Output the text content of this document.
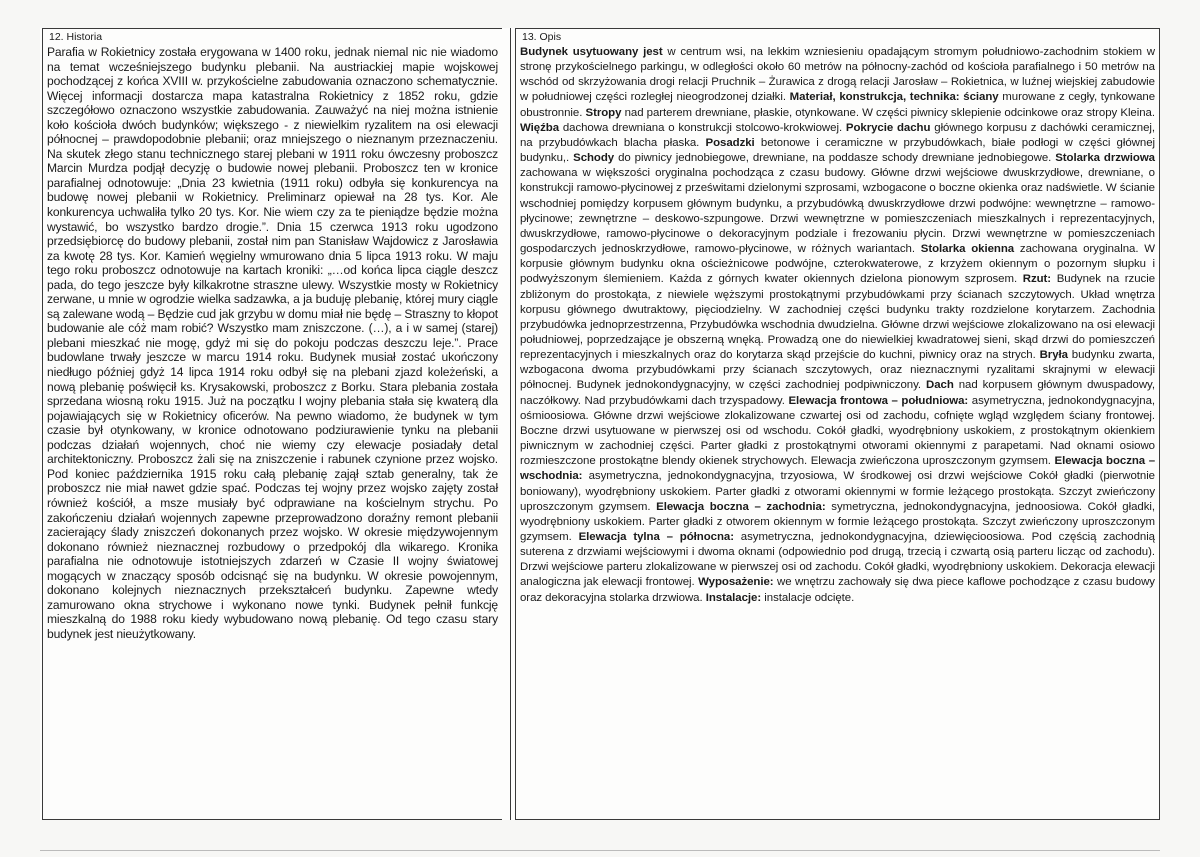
12. Historia

Parafia w Rokietnicy została erygowana w 1400 roku, jednak niemal nic nie wiadomo na temat wcześniejszego budynku plebanii. Na austriackiej mapie wojskowej pochodzącej z końca XVIII w. przykościelne zabudowania oznaczono schematycznie. Więcej informacji dostarcza mapa katastralna Rokietnicy z 1852 roku, gdzie szczegółowo oznaczono wszystkie zabudowania. Zauważyć na niej można istnienie koło kościoła dwóch budynków; większego - z niewielkim ryzalitem na osi elewacji północnej – prawdopodobnie plebanii; oraz mniejszego o nieznanym przeznaczeniu. Na skutek złego stanu technicznego starej plebani w 1911 roku ówczesny proboszcz Marcin Murdza podjął decyzję o budowie nowej plebanii. Proboszcz ten w kronice parafialnej odnotowuje: „Dnia 23 kwietnia (1911 roku) odbyła się konkurencya na budowę nowej plebanii w Rokietnicy. Preliminarz opiewał na 28 tys. Kor. Ale konkurencya uchwaliła tylko 20 tys. Kor. Nie wiem czy za te pieniądze będzie można wystawić, bo wszystko bardzo drogie.”. Dnia 15 czerwca 1913 roku ugodzono przedsiębiorcę do budowy plebanii, został nim pan Stanisław Wajdowicz z Jarosławia za kwotę 28 tys. Kor. Kamień węgielny wmurowano dnia 5 lipca 1913 roku. W maju tego roku proboszcz odnotowuje na kartach kroniki: „…od końca lipca ciągle deszcz pada, do tego jeszcze były kilkakrotne straszne ulewy. Wszystkie mosty w Rokietnicy zerwane, u mnie w ogrodzie wielka sadzawka, a ja buduję plebanię, której mury ciągle są zalewane wodą – Będzie cud jak grzybu w domu miał nie będę – Straszny to kłopot budowanie ale cóż mam robić? Wszystko mam zniszczone. (…), a i w samej (starej) plebani mieszkać nie mogę, gdyż mi się do pokoju podczas deszczu leje.”. Prace budowlane trwały jeszcze w marcu 1914 roku. Budynek musiał zostać ukończony niedługo później gdyż 14 lipca 1914 roku odbył się na plebani zjazd koleżeński, a nową plebanię poświęcił ks. Krysakowski, proboszcz z Borku. Stara plebania została sprzedana wiosną roku 1915. Już na początku I wojny plebania stała się kwaterą dla pojawiających się w Rokietnicy oficerów. Na pewno wiadomo, że budynek w tym czasie był otynkowany, w kronice odnotowano podziurawienie tynku na plebanii podczas działań wojennych, choć nie wiemy czy elewacje posiadały detal architektoniczny. Proboszcz żali się na zniszczenie i rabunek czynione przez wojsko. Pod koniec października 1915 roku całą plebanię zajął sztab generalny, tak że proboszcz nie miał nawet gdzie spać. Podczas tej wojny przez wojsko zajęty został również kościół, a msze musiały być odprawiane na kościelnym strychu. Po zakończeniu działań wojennych zapewne przeprowadzono doraźny remont plebanii zacierający ślady zniszczeń dokonanych przez wojsko. W okresie międzywojennym dokonano również nieznacznej rozbudowy o przedpokój dla wikarego. Kronika parafialna nie odnotowuje istotniejszych zdarzeń w Czasie II wojny światowej mogących w znaczący sposób odcisnąć się na budynku. W okresie powojennym, dokonano kolejnych nieznacznych przekształceń budynku. Zapewne wtedy zamurowano okna strychowe i wykonano nowe tynki. Budynek pełnił funkcję mieszkalną do 1988 roku kiedy wybudowano nową plebanię. Od tego czasu stary budynek jest nieużytkowany.

13. Opis

Budynek usytuowany jest w centrum wsi, na lekkim wzniesieniu opadającym stromym południowo-zachodnim stokiem w stronę przykościelnego parkingu, w odległości około 60 metrów na północny-zachód od kościoła parafialnego i 50 metrów na wschód od skrzyżowania drogi relacji Pruchnik – Żurawica z drogą relacji Jarosław – Rokietnica, w luźnej wiejskiej zabudowie w południowej części rozległej nieogrodzonej działki. Materiał, konstrukcja, technika: ściany murowane z cegły, tynkowane obustronnie. Stropy nad parterem drewniane, płaskie, otynkowane. W części piwnicy sklepienie odcinkowe oraz stropy Kleina. Więźba dachowa drewniana o konstrukcji stolcowo-krokwiowej. Pokrycie dachu głównego korpusu z dachówki ceramicznej, na przybudówkach blacha płaska. Posadzki betonowe i ceramiczne w przybudówkach, białe podłogi w części głównej budynku,. Schody do piwnicy jednobiegowe, drewniane, na poddasze schody drewniane jednobiegowe. Stolarka drzwiowa zachowana w większości oryginalna pochodząca z czasu budowy. Główne drzwi wejściowe dwuskrzydłowe, drewniane, o konstrukcji ramowo-płycinowej z prześwitami dzielonymi szprosami, wzbogacone o boczne okienka oraz nadświetle. W ścianie wschodniej pomiędzy korpusem głównym budynku, a przybudówką dwuskrzydłowe drzwi podwójne: wewnętrzne – ramowo-płycinowe; zewnętrzne – deskowo-szpungowe. Drzwi wewnętrzne w pomieszczeniach mieszkalnych i reprezentacyjnych, dwuskrzydłowe, ramowo-płycinowe o dekoracyjnym podziale i frezowaniu płycin. Drzwi wewnętrzne w pomieszczeniach gospodarczych jednoskrzydłowe, ramowo-płycinowe, w różnych wariantach. Stolarka okienna zachowana oryginalna. W korpusie głównym budynku okna ościeżnicowe podwójne, czterokwaterowe, z krzyżem okiennym o pozornym słupku i podwyższonym ślemieniem. Każda z górnych kwater okiennych dzielona pionowym szprosem. Rzut: Budynek na rzucie zbliżonym do prostokąta, z niewiele węższymi prostokątnymi przybudówkami przy ścianach szczytowych. Układ wnętrza korpusu głównego dwutraktowy, pięciodzielny. W zachodniej części budynku trakty rozdzielone korytarzem. Zachodnia przybudówka jednoprzestrzenna, Przybudówka wschodnia dwudzielna. Główne drzwi wejściowe zlokalizowano na osi elewacji południowej, poprzedzające je obszerną wnęką. Prowadzą one do niewielkiej kwadratowej sieni, skąd drzwi do pomieszczeń reprezentacyjnych i mieszkalnych oraz do korytarza skąd przejście do kuchni, piwnicy oraz na strych. Bryła budynku zwarta, wzbogacona dwoma przybudówkami przy ścianach szczytowych, oraz nieznacznymi ryzalitami skrajnymi w elewacji północnej. Budynek jednokondygnacyjny, w części zachodniej podpiwniczony. Dach nad korpusem głównym dwuspadowy, naczółkowy. Nad przybudówkami dach trzyspadowy. Elewacja frontowa – południowa: asymetryczna, jednokondygnacyjna, ośmioosiowa. Główne drzwi wejściowe zlokalizowane czwartej osi od zachodu, cofnięte wgląd względem ściany frontowej. Boczne drzwi usytuowane w pierwszej osi od wschodu. Cokół gładki, wyodrębniony uskokiem, z prostokątnym okienkiem piwnicznym w zachodniej części. Parter gładki z prostokątnymi otworami okiennymi z parapetami. Nad oknami osiowo rozmieszczone prostokątne blendy okienek strychowych. Elewacja zwieńczona uproszczonym gzymsem. Elewacja boczna – wschodnia: asymetryczna, jednokondygnacyjna, trzyosiowa, W środkowej osi drzwi wejściowe Cokół gładki (pierwotnie boniowany), wyodrębniony uskokiem. Parter gładki z otworami okiennymi w formie leżącego prostokąta. Szczyt zwieńczony uproszczonym gzymsem. Elewacja boczna – zachodnia: symetryczna, jednokondygnacyjna, jednoosiowa. Cokół gładki, wyodrębniony uskokiem. Parter gładki z otworem okiennym w formie leżącego prostokąta. Szczyt zwieńczony uproszczonym gzymsem. Elewacja tylna – północna: asymetryczna, jednokondygnacyjna, dziewięcioosiowa. Pod częścią zachodnią suterena z drzwiami wejściowymi i dwoma oknami (odpowiednio pod drugą, trzecią i czwartą osią parteru licząc od zachodu). Drzwi wejściowe parteru zlokalizowane w pierwszej osi od zachodu. Cokół gładki, wyodrębniony uskokiem. Dekoracja elewacji analogiczna jak elewacji frontowej. Wyposażenie: we wnętrzu zachowały się dwa piece kaflowe pochodzące z czasu budowy oraz dekoracyjna stolarka drzwiowa. Instalacje: instalacje odcięte.
